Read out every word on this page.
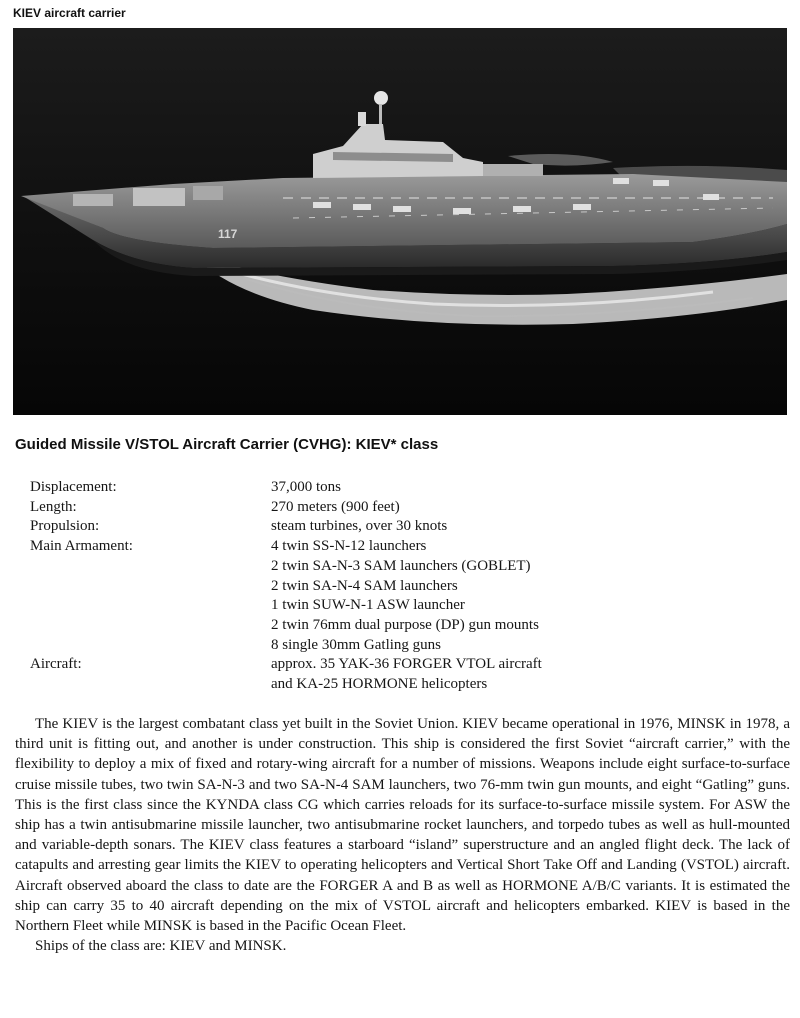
KIEV aircraft carrier
117
Guided Missile V/STOL Aircraft Carrier (CVHG): KIEV* class
Displacement:	37,000 tons
Length:	270 meters (900 feet)
Propulsion:	steam turbines, over 30 knots
Main Armament:	4 twin SS-N-12 launchers
2 twin SA-N-3 SAM launchers (GOBLET)
2 twin SA-N-4 SAM launchers
1 twin SUW-N-1 ASW launcher
2 twin 76mm dual purpose (DP) gun mounts
8 single 30mm Gatling guns
Aircraft:	approx. 35 YAK-36 FORGER VTOL aircraft
and KA-25 HORMONE helicopters

The KIEV is the largest combatant class yet built in the Soviet Union. KIEV became operational in 1976, MINSK in 1978, a third unit is fitting out, and another is under construction. This ship is considered the first Soviet “aircraft carrier,” with the flexibility to deploy a mix of fixed and rotary-wing aircraft for a number of missions. Weapons include eight surface-to-surface cruise missile tubes, two twin SA-N-3 and two SA-N-4 SAM launchers, two 76-mm twin gun mounts, and eight “Gatling” guns. This is the first class since the KYNDA class CG which carries reloads for its surface-to-surface missile system. For ASW the ship has a twin antisubmarine missile launcher, two antisubmarine rocket launchers, and torpedo tubes as well as hull-mounted and variable-depth sonars. The KIEV class features a starboard “island” superstructure and an angled flight deck. The lack of catapults and arresting gear limits the KIEV to operating helicopters and Vertical Short Take Off and Landing (VSTOL) aircraft. Aircraft observed aboard the class to date are the FORGER A and B as well as HORMONE A/B/C variants. It is estimated the ship can carry 35 to 40 aircraft depending on the mix of VSTOL aircraft and helicopters embarked. KIEV is based in the Northern Fleet while MINSK is based in the Pacific Ocean Fleet.

Ships of the class are: KIEV and MINSK.
